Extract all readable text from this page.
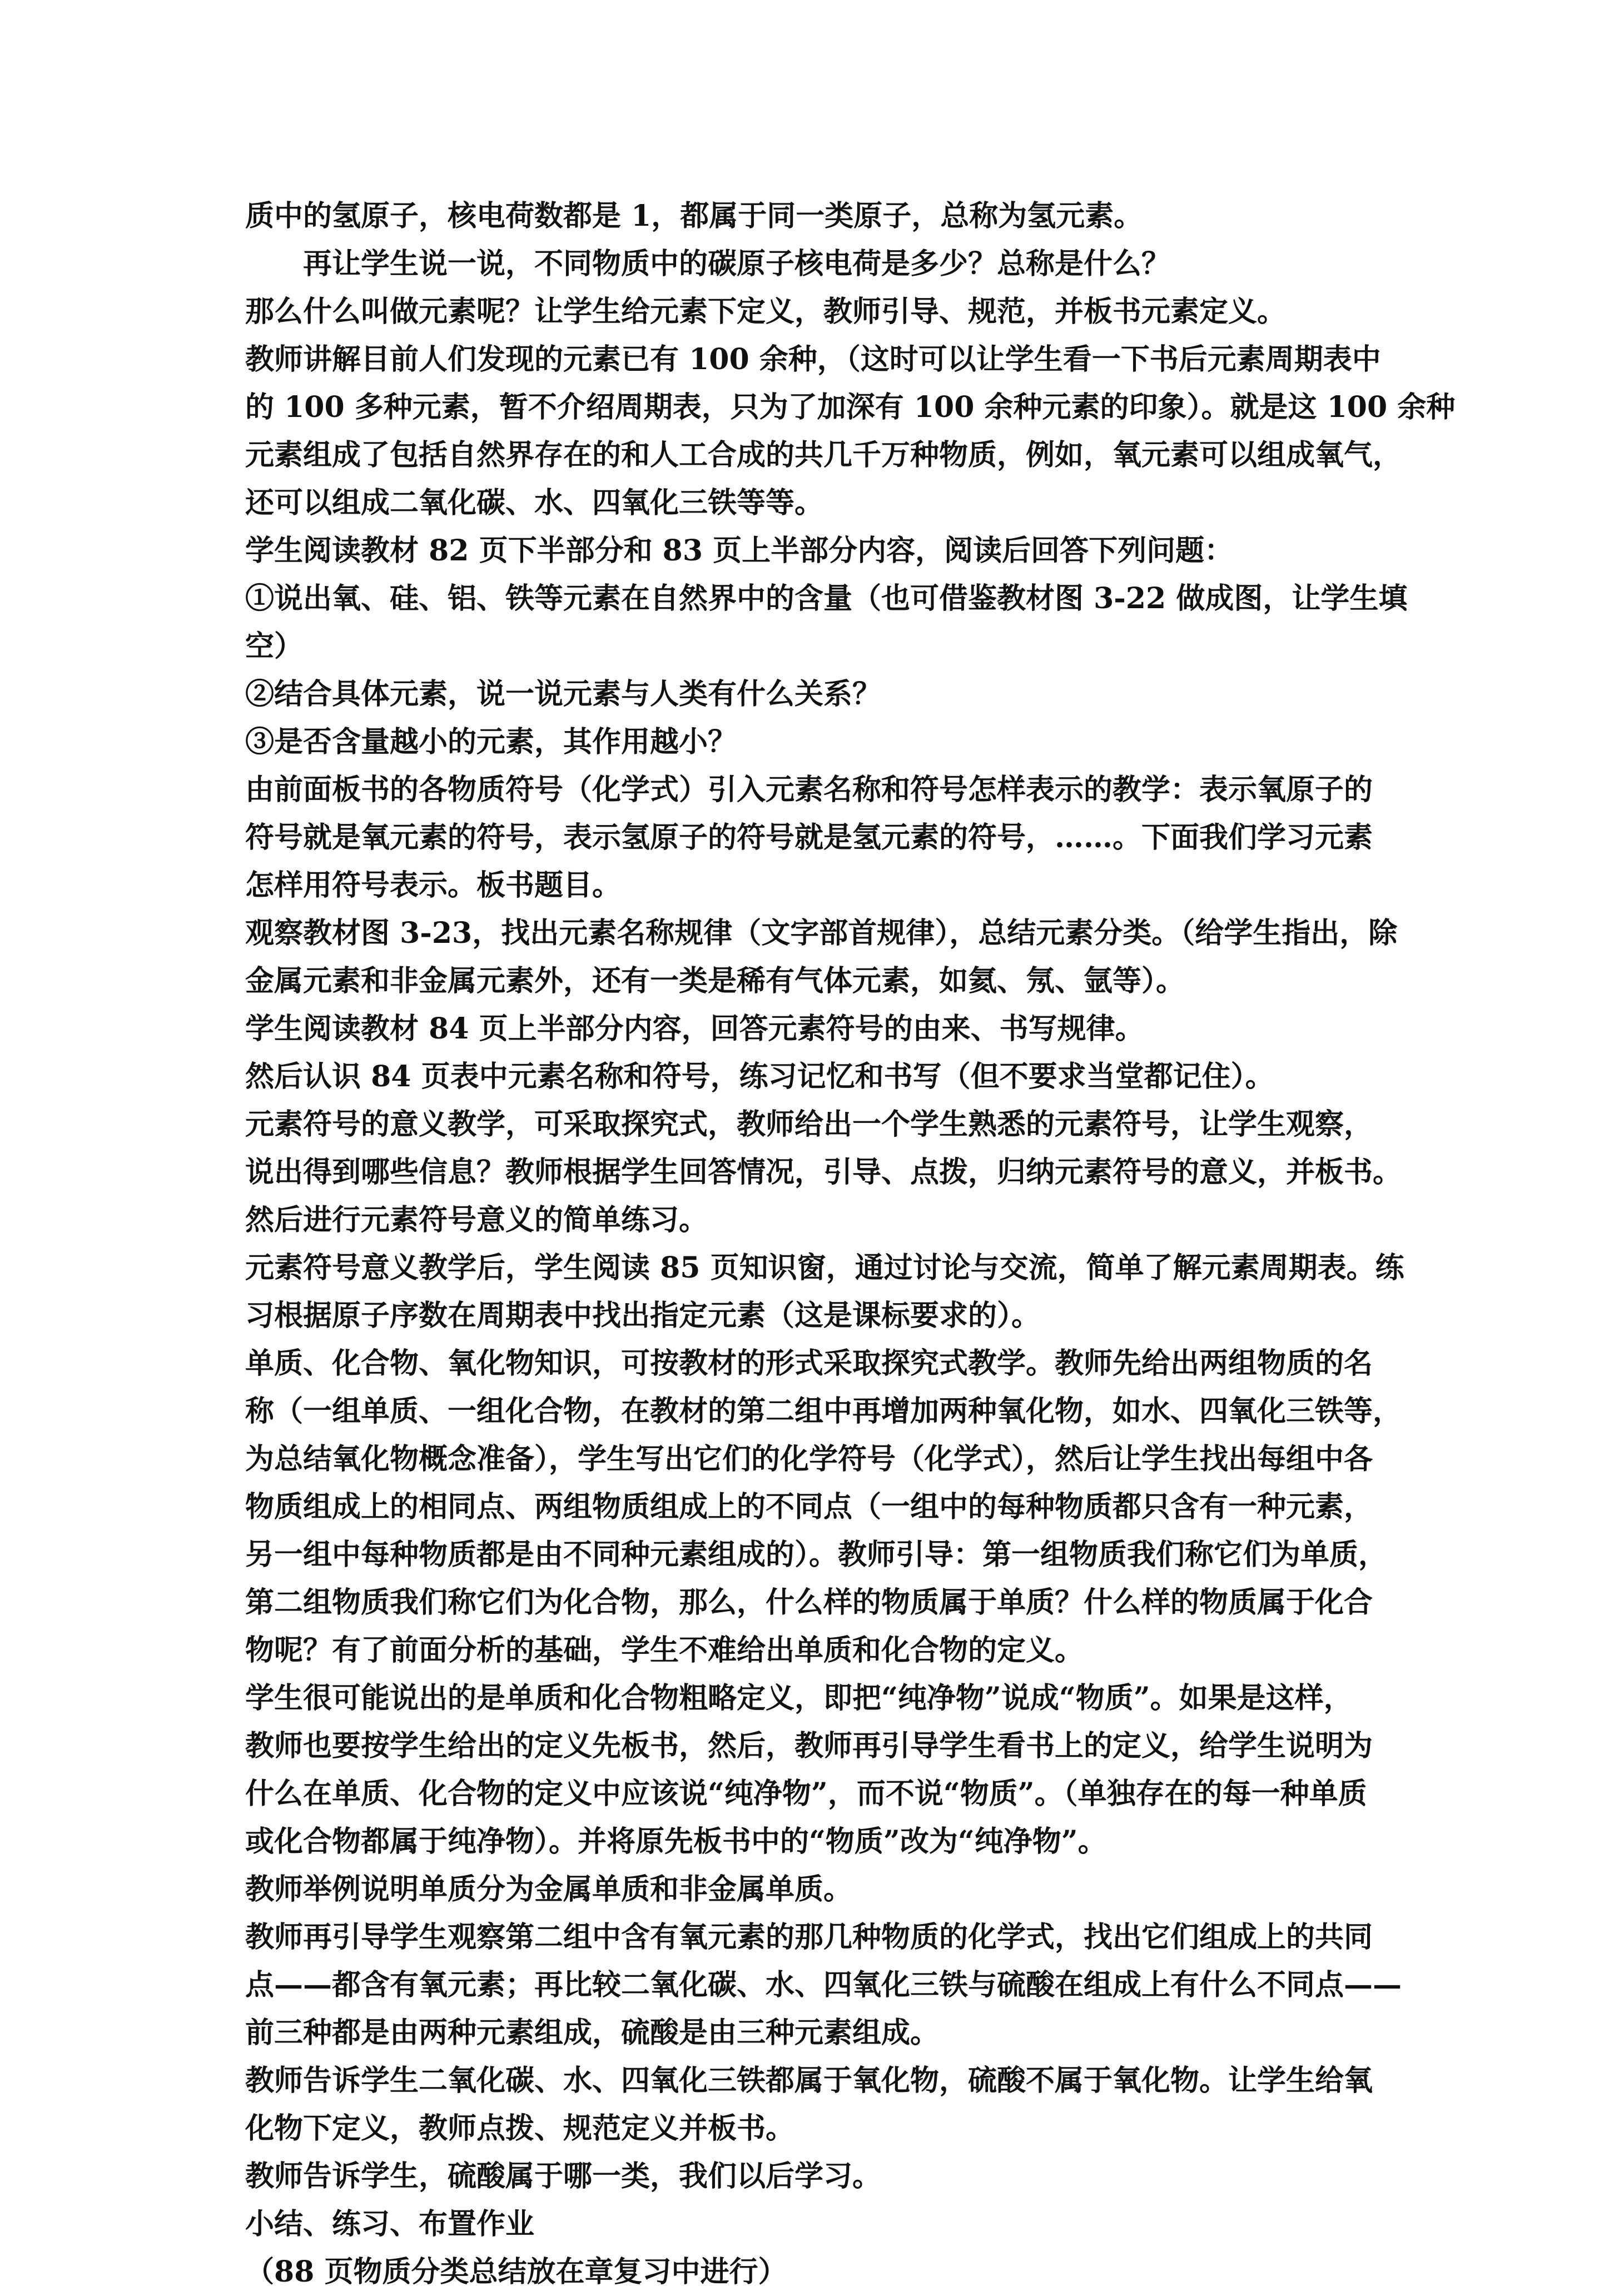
质中的氢原子，核电荷数都是 1，都属于同一类原子，总称为氢元素。
再让学生说一说，不同物质中的碳原子核电荷是多少？总称是什么？
那么什么叫做元素呢？让学生给元素下定义，教师引导、规范，并板书元素定义。
教师讲解目前人们发现的元素已有 100 余种，（这时可以让学生看一下书后元素周期表中
的 100 多种元素，暂不介绍周期表，只为了加深有 100 余种元素的印象）。就是这 100 余种
元素组成了包括自然界存在的和人工合成的共几千万种物质，例如，氧元素可以组成氧气，
还可以组成二氧化碳、水、四氧化三铁等等。
学生阅读教材 82 页下半部分和 83 页上半部分内容，阅读后回答下列问题：
①说出氧、硅、铝、铁等元素在自然界中的含量（也可借鉴教材图 3-22 做成图，让学生填
空）
②结合具体元素，说一说元素与人类有什么关系？
③是否含量越小的元素，其作用越小？
由前面板书的各物质符号（化学式）引入元素名称和符号怎样表示的教学：表示氧原子的
符号就是氧元素的符号，表示氢原子的符号就是氢元素的符号，……。下面我们学习元素
怎样用符号表示。板书题目。
观察教材图 3-23，找出元素名称规律（文字部首规律），总结元素分类。（给学生指出，除
金属元素和非金属元素外，还有一类是稀有气体元素，如氦、氖、氩等）。
学生阅读教材 84 页上半部分内容，回答元素符号的由来、书写规律。
然后认识 84 页表中元素名称和符号，练习记忆和书写（但不要求当堂都记住）。
元素符号的意义教学，可采取探究式，教师给出一个学生熟悉的元素符号，让学生观察，
说出得到哪些信息？教师根据学生回答情况，引导、点拨，归纳元素符号的意义，并板书。
然后进行元素符号意义的简单练习。
元素符号意义教学后，学生阅读 85 页知识窗，通过讨论与交流，简单了解元素周期表。练
习根据原子序数在周期表中找出指定元素（这是课标要求的）。
单质、化合物、氧化物知识，可按教材的形式采取探究式教学。教师先给出两组物质的名
称（一组单质、一组化合物，在教材的第二组中再增加两种氧化物，如水、四氧化三铁等，
为总结氧化物概念准备），学生写出它们的化学符号（化学式），然后让学生找出每组中各
物质组成上的相同点、两组物质组成上的不同点（一组中的每种物质都只含有一种元素，
另一组中每种物质都是由不同种元素组成的）。教师引导：第一组物质我们称它们为单质，
第二组物质我们称它们为化合物，那么，什么样的物质属于单质？什么样的物质属于化合
物呢？有了前面分析的基础，学生不难给出单质和化合物的定义。
学生很可能说出的是单质和化合物粗略定义，即把“纯净物”说成“物质”。如果是这样，
教师也要按学生给出的定义先板书，然后，教师再引导学生看书上的定义，给学生说明为
什么在单质、化合物的定义中应该说“纯净物”，而不说“物质”。（单独存在的每一种单质
或化合物都属于纯净物）。并将原先板书中的“物质”改为“纯净物”。
教师举例说明单质分为金属单质和非金属单质。
教师再引导学生观察第二组中含有氧元素的那几种物质的化学式，找出它们组成上的共同
点——都含有氧元素；再比较二氧化碳、水、四氧化三铁与硫酸在组成上有什么不同点——
前三种都是由两种元素组成，硫酸是由三种元素组成。
教师告诉学生二氧化碳、水、四氧化三铁都属于氧化物，硫酸不属于氧化物。让学生给氧
化物下定义，教师点拨、规范定义并板书。
教师告诉学生，硫酸属于哪一类，我们以后学习。
小结、练习、布置作业
（88 页物质分类总结放在章复习中进行）
